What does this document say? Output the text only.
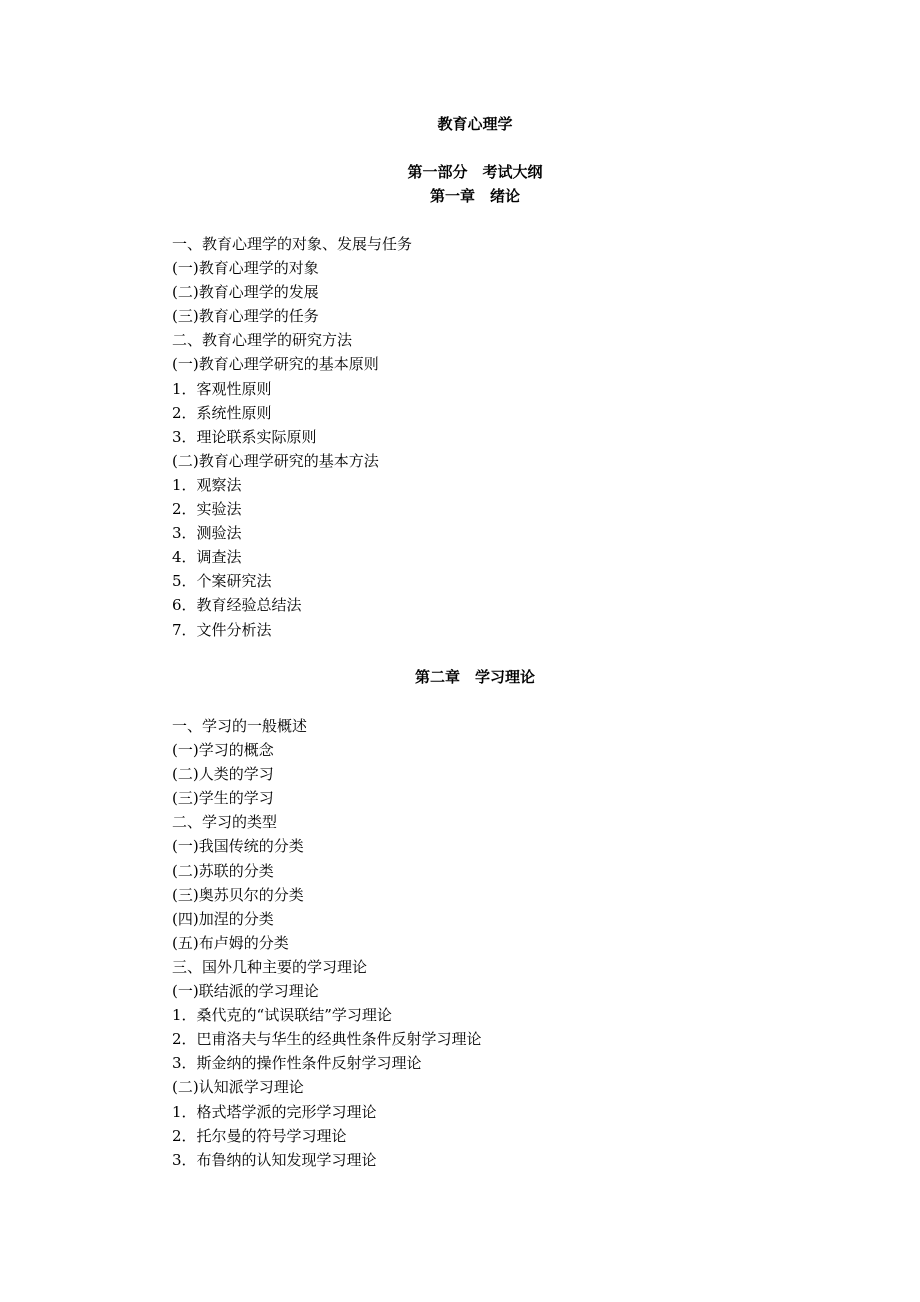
教育心理学
第一部分　考试大纲
第一章　绪论
一、教育心理学的对象、发展与任务
(一)教育心理学的对象
(二)教育心理学的发展
(三)教育心理学的任务
二、教育心理学的研究方法
(一)教育心理学研究的基本原则
1．客观性原则
2．系统性原则
3．理论联系实际原则
(二)教育心理学研究的基本方法
1．观察法
2．实验法
3．测验法
4．调查法
5．个案研究法
6．教育经验总结法
7．文件分析法
第二章　学习理论
一、学习的一般概述
(一)学习的概念
(二)人类的学习
(三)学生的学习
二、学习的类型
(一)我国传统的分类
(二)苏联的分类
(三)奥苏贝尔的分类
(四)加涅的分类
(五)布卢姆的分类
三、国外几种主要的学习理论
(一)联结派的学习理论
1．桑代克的“试误联结”学习理论
2．巴甫洛夫与华生的经典性条件反射学习理论
3．斯金纳的操作性条件反射学习理论
(二)认知派学习理论
1．格式塔学派的完形学习理论
2．托尔曼的符号学习理论
3．布鲁纳的认知发现学习理论
